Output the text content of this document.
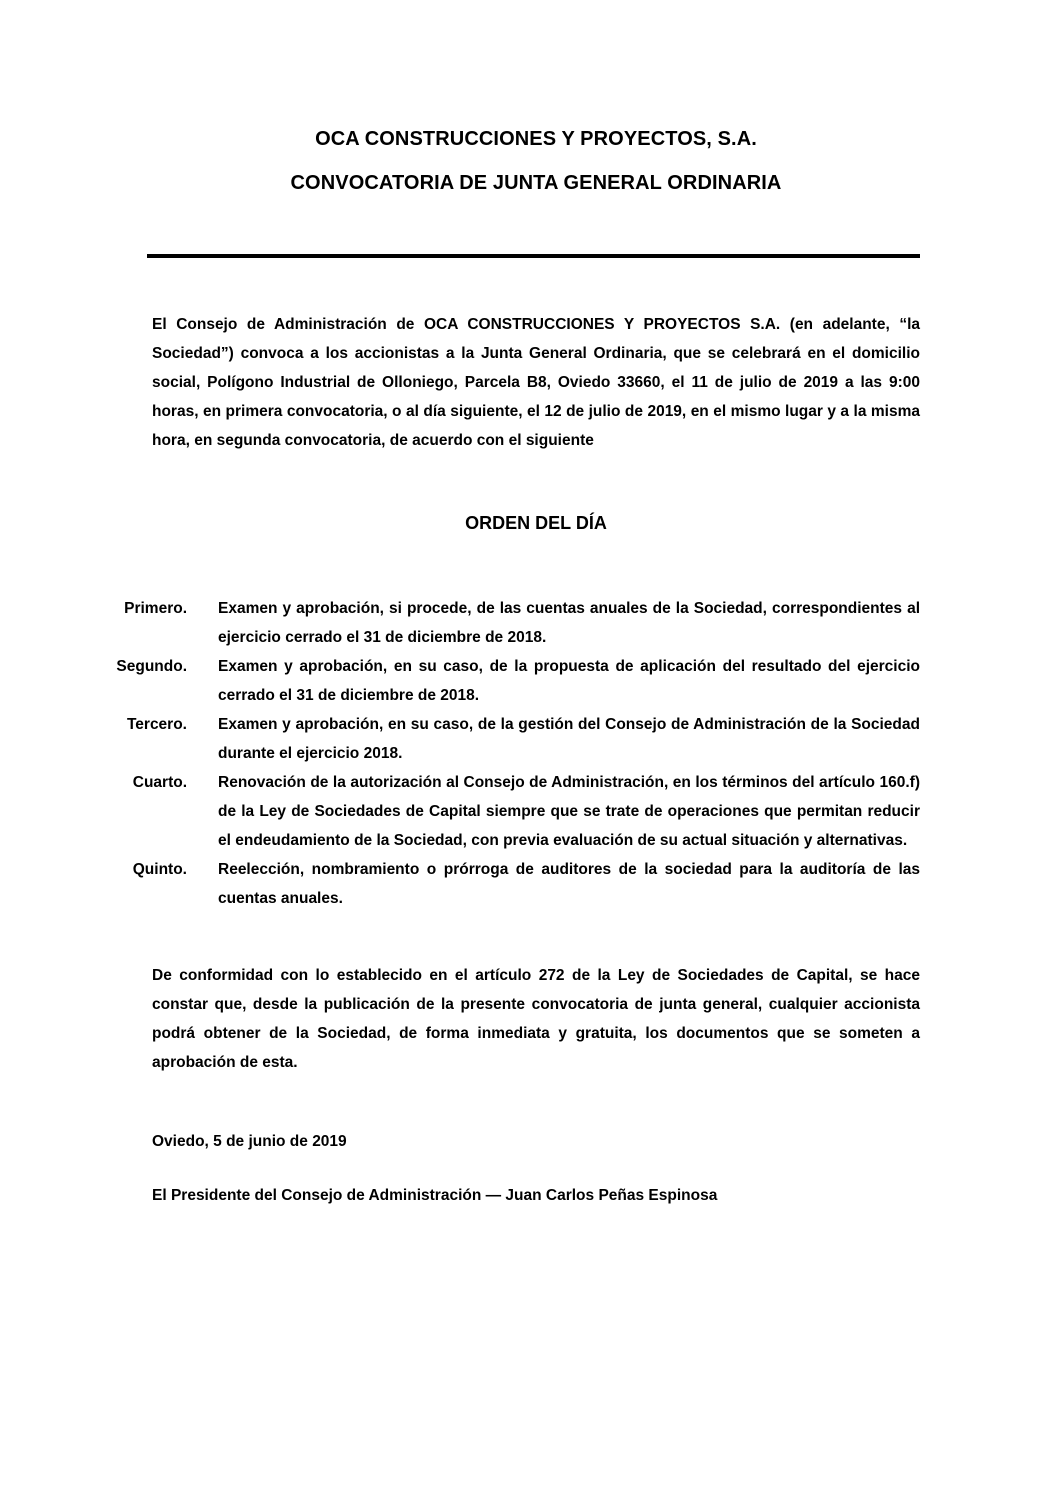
OCA CONSTRUCCIONES Y PROYECTOS, S.A.
CONVOCATORIA DE JUNTA GENERAL ORDINARIA

El Consejo de Administración de OCA CONSTRUCCIONES Y PROYECTOS S.A. (en adelante, “la Sociedad”) convoca a los accionistas a la Junta General Ordinaria, que se celebrará en el domicilio social, Polígono Industrial de Olloniego, Parcela B8, Oviedo 33660, el 11 de julio de 2019 a las 9:00 horas, en primera convocatoria, o al día siguiente, el 12 de julio de 2019, en el mismo lugar y a la misma hora, en segunda convocatoria, de acuerdo con el siguiente

ORDEN DEL DÍA
Primero. Examen y aprobación, si procede, de las cuentas anuales de la Sociedad, correspondientes al ejercicio cerrado el 31 de diciembre de 2018.
Segundo. Examen y aprobación, en su caso, de la propuesta de aplicación del resultado del ejercicio cerrado el 31 de diciembre de 2018.
Tercero. Examen y aprobación, en su caso, de la gestión del Consejo de Administración de la Sociedad durante el ejercicio 2018.
Cuarto. Renovación de la autorización al Consejo de Administración, en los términos del artículo 160.f) de la Ley de Sociedades de Capital siempre que se trate de operaciones que permitan reducir el endeudamiento de la Sociedad, con previa evaluación de su actual situación y alternativas.
Quinto. Reelección, nombramiento o prórroga de auditores de la sociedad para la auditoría de las cuentas anuales.

De conformidad con lo establecido en el artículo 272 de la Ley de Sociedades de Capital, se hace constar que, desde la publicación de la presente convocatoria de junta general, cualquier accionista podrá obtener de la Sociedad, de forma inmediata y gratuita, los documentos que se someten a aprobación de esta.

Oviedo, 5 de junio de 2019

El Presidente del Consejo de Administración — Juan Carlos Peñas Espinosa
